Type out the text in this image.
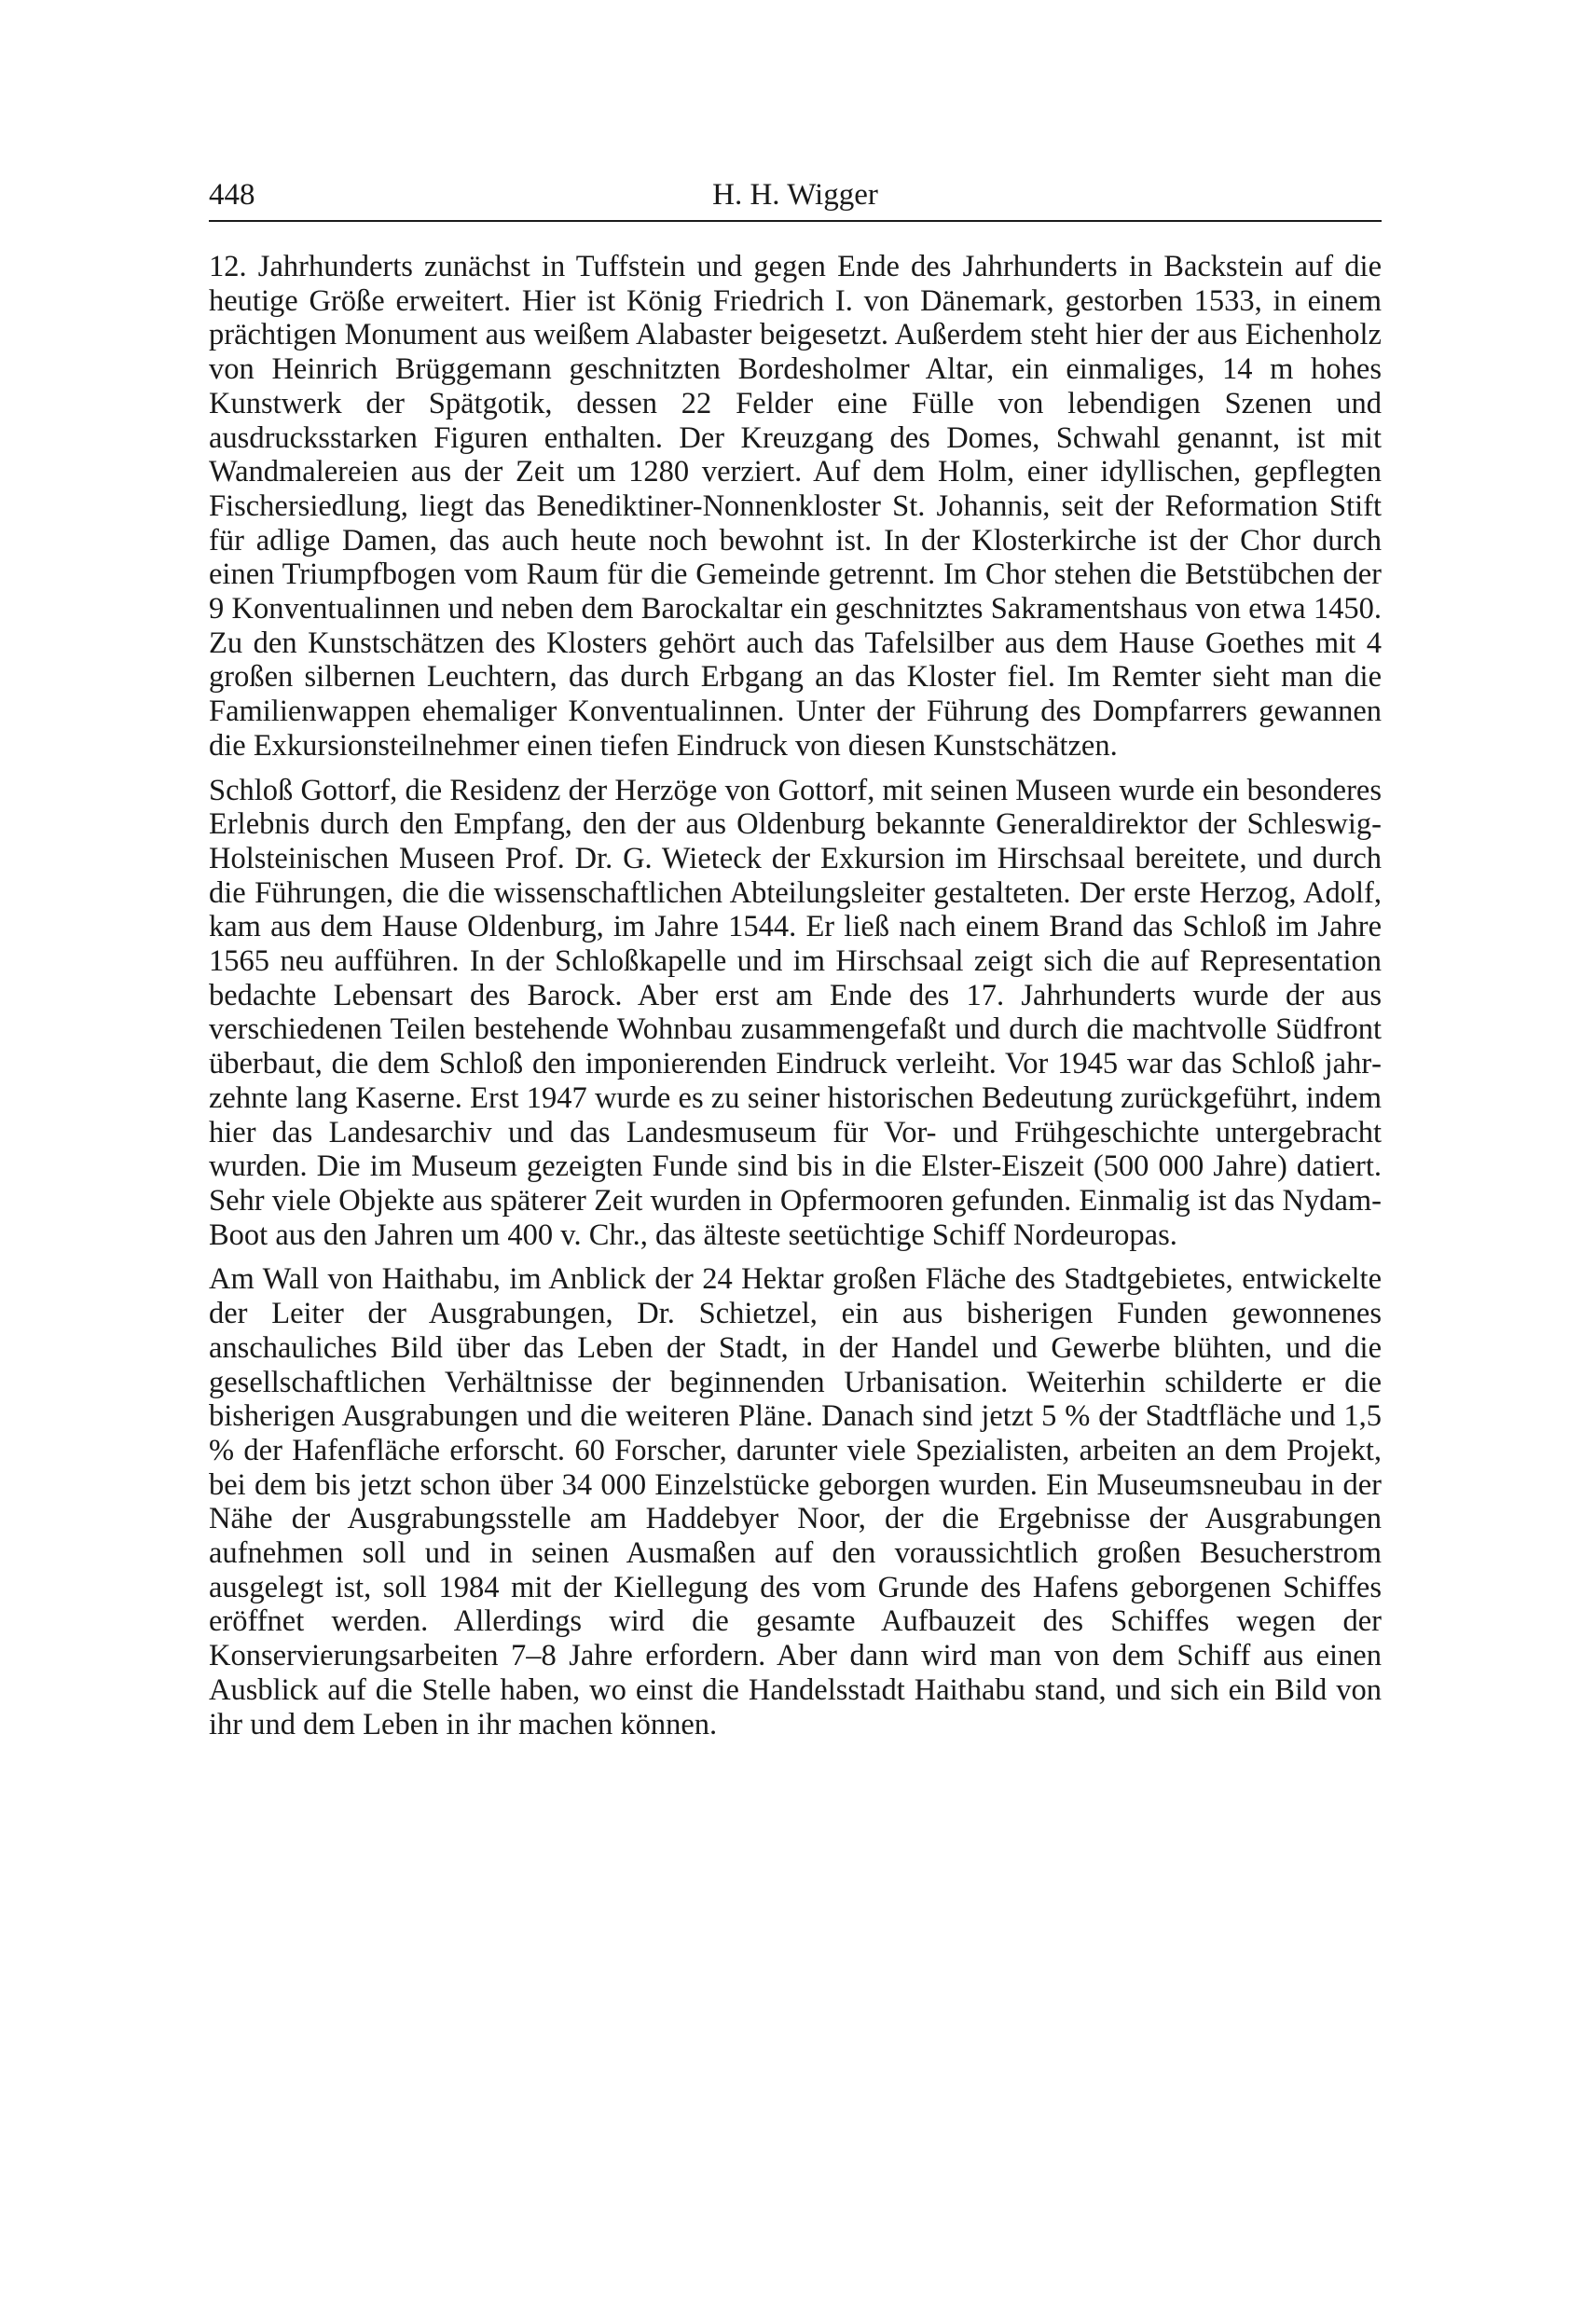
448	H. H. Wigger

12. Jahrhunderts zunächst in Tuffstein und gegen Ende des Jahrhunderts in Backstein auf die heutige Größe erweitert. Hier ist König Friedrich I. von Dänemark, gestorben 1533, in einem prächtigen Monument aus weißem Alabaster beigesetzt. Außerdem steht hier der aus Eichenholz von Heinrich Brüggemann geschnitzten Bordesholmer Altar, ein einmaliges, 14 m hohes Kunstwerk der Spätgotik, dessen 22 Felder eine Fülle von lebendigen Szenen und ausdrucksstarken Figuren enthalten. Der Kreuzgang des Domes, Schwahl genannt, ist mit Wandmalereien aus der Zeit um 1280 verziert. Auf dem Holm, einer idyllischen, gepflegten Fischersiedlung, liegt das Benediktiner-Nonnenkloster St. Johannis, seit der Reformation Stift für adlige Damen, das auch heute noch bewohnt ist. In der Klosterkirche ist der Chor durch einen Triumpfbogen vom Raum für die Gemeinde getrennt. Im Chor stehen die Betstübchen der 9 Konventualinnen und neben dem Barockaltar ein geschnitztes Sakramentshaus von etwa 1450. Zu den Kunstschätzen des Klosters gehört auch das Tafelsilber aus dem Hause Goethes mit 4 großen silbernen Leuchtern, das durch Erbgang an das Kloster fiel. Im Remter sieht man die Familienwappen ehemaliger Konventualinnen. Unter der Führung des Dompfarrers gewannen die Exkursionsteilnehmer einen tiefen Eindruck von diesen Kunstschätzen.

Schloß Gottorf, die Residenz der Herzöge von Gottorf, mit seinen Museen wurde ein besonderes Erlebnis durch den Empfang, den der aus Oldenburg bekannte Generaldirektor der Schleswig-Holsteinischen Museen Prof. Dr. G. Wieteck der Exkursion im Hirschsaal bereitete, und durch die Führungen, die die wissenschaftlichen Abteilungsleiter gestalteten. Der erste Herzog, Adolf, kam aus dem Hause Oldenburg, im Jahre 1544. Er ließ nach einem Brand das Schloß im Jahre 1565 neu aufführen. In der Schloßkapelle und im Hirschsaal zeigt sich die auf Representation bedachte Lebensart des Barock. Aber erst am Ende des 17. Jahrhunderts wurde der aus verschiedenen Teilen bestehende Wohnbau zusammengefaßt und durch die machtvolle Südfront überbaut, die dem Schloß den imponierenden Eindruck verleiht. Vor 1945 war das Schloß jahrzehnte lang Kaserne. Erst 1947 wurde es zu seiner historischen Bedeutung zurückgeführt, indem hier das Landesarchiv und das Landesmuseum für Vor- und Frühgeschichte untergebracht wurden. Die im Museum gezeigten Funde sind bis in die Elster-Eiszeit (500 000 Jahre) datiert. Sehr viele Objekte aus späterer Zeit wurden in Opfermooren gefunden. Einmalig ist das Nydam-Boot aus den Jahren um 400 v. Chr., das älteste seetüchtige Schiff Nordeuropas.

Am Wall von Haithabu, im Anblick der 24 Hektar großen Fläche des Stadtgebietes, entwickelte der Leiter der Ausgrabungen, Dr. Schietzel, ein aus bisherigen Funden gewonnenes anschauliches Bild über das Leben der Stadt, in der Handel und Gewerbe blühten, und die gesellschaftlichen Verhältnisse der beginnenden Urbanisation. Weiterhin schilderte er die bisherigen Ausgrabungen und die weiteren Pläne. Danach sind jetzt 5 % der Stadtfläche und 1,5 % der Hafenfläche erforscht. 60 Forscher, darunter viele Spezialisten, arbeiten an dem Projekt, bei dem bis jetzt schon über 34 000 Einzelstücke geborgen wurden. Ein Museumsneubau in der Nähe der Ausgrabungsstelle am Haddebyer Noor, der die Ergebnisse der Ausgrabungen aufnehmen soll und in seinen Ausmaßen auf den voraussichtlich großen Besucherstrom ausgelegt ist, soll 1984 mit der Kiellegung des vom Grunde des Hafens geborgenen Schiffes eröffnet werden. Allerdings wird die gesamte Aufbauzeit des Schiffes wegen der Konservierungsarbeiten 7–8 Jahre erfordern. Aber dann wird man von dem Schiff aus einen Ausblick auf die Stelle haben, wo einst die Handelsstadt Haithabu stand, und sich ein Bild von ihr und dem Leben in ihr machen können.
